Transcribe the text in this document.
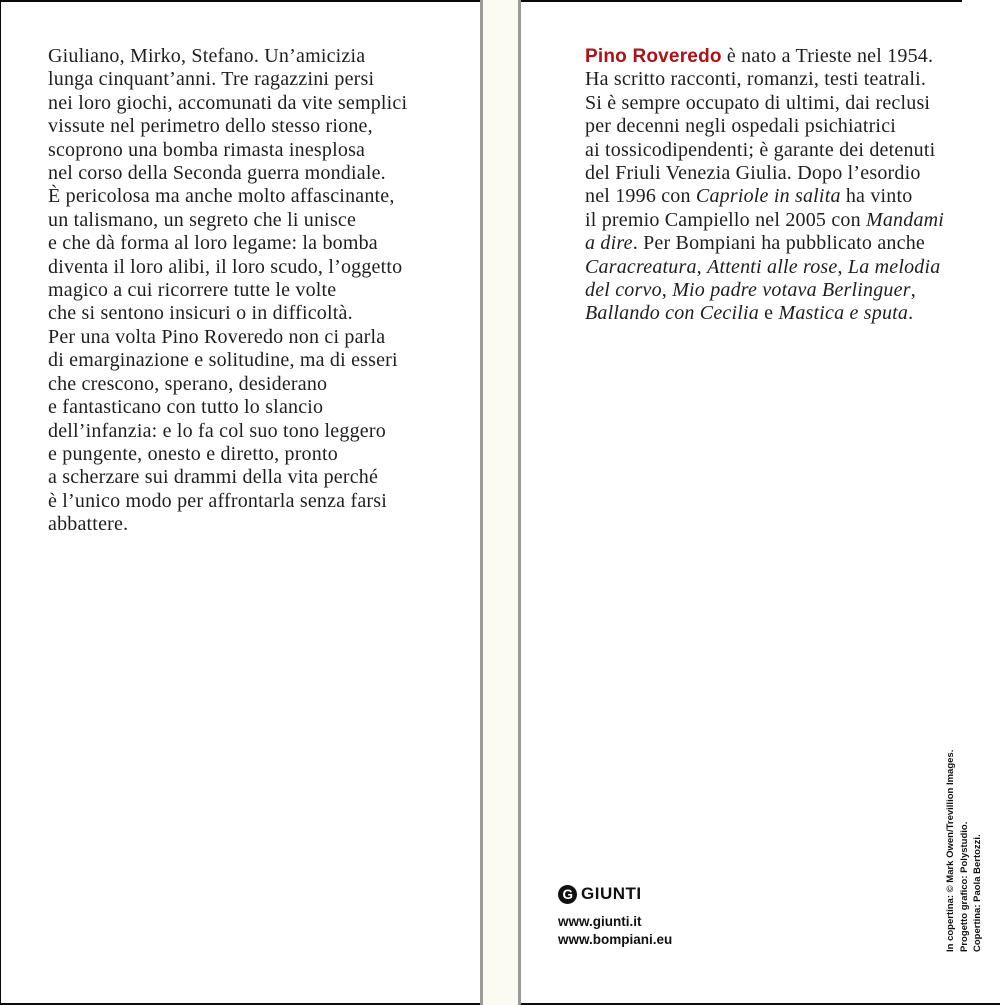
Giuliano, Mirko, Stefano. Un’amicizia
lunga cinquant’anni. Tre ragazzini persi
nei loro giochi, accomunati da vite semplici
vissute nel perimetro dello stesso rione,
scoprono una bomba rimasta inesplosa
nel corso della Seconda guerra mondiale.
È pericolosa ma anche molto affascinante,
un talismano, un segreto che li unisce
e che dà forma al loro legame: la bomba
diventa il loro alibi, il loro scudo, l’oggetto
magico a cui ricorrere tutte le volte
che si sentono insicuri o in difficoltà.
Per una volta Pino Roveredo non ci parla
di emarginazione e solitudine, ma di esseri
che crescono, sperano, desiderano
e fantasticano con tutto lo slancio
dell’infanzia: e lo fa col suo tono leggero
e pungente, onesto e diretto, pronto
a scherzare sui drammi della vita perché
è l’unico modo per affrontarla senza farsi
abbattere.
Pino Roveredo è nato a Trieste nel 1954.
Ha scritto racconti, romanzi, testi teatrali.
Si è sempre occupato di ultimi, dai reclusi
per decenni negli ospedali psichiatrici
ai tossicodipendenti; è garante dei detenuti
del Friuli Venezia Giulia. Dopo l’esordio
nel 1996 con Capriole in salita ha vinto
il premio Campiello nel 2005 con Mandami
a dire. Per Bompiani ha pubblicato anche
Caracreatura, Attenti alle rose, La melodia
del corvo, Mio padre votava Berlinguer,
Ballando con Cecilia e Mastica e sputa.
G GIUNTI
www.giunti.it
www.bompiani.eu	In copertina: © Mark Owen/Trevillion Images. Progetto grafico: Polystudio. Copertina: Paola Bertozzi.
